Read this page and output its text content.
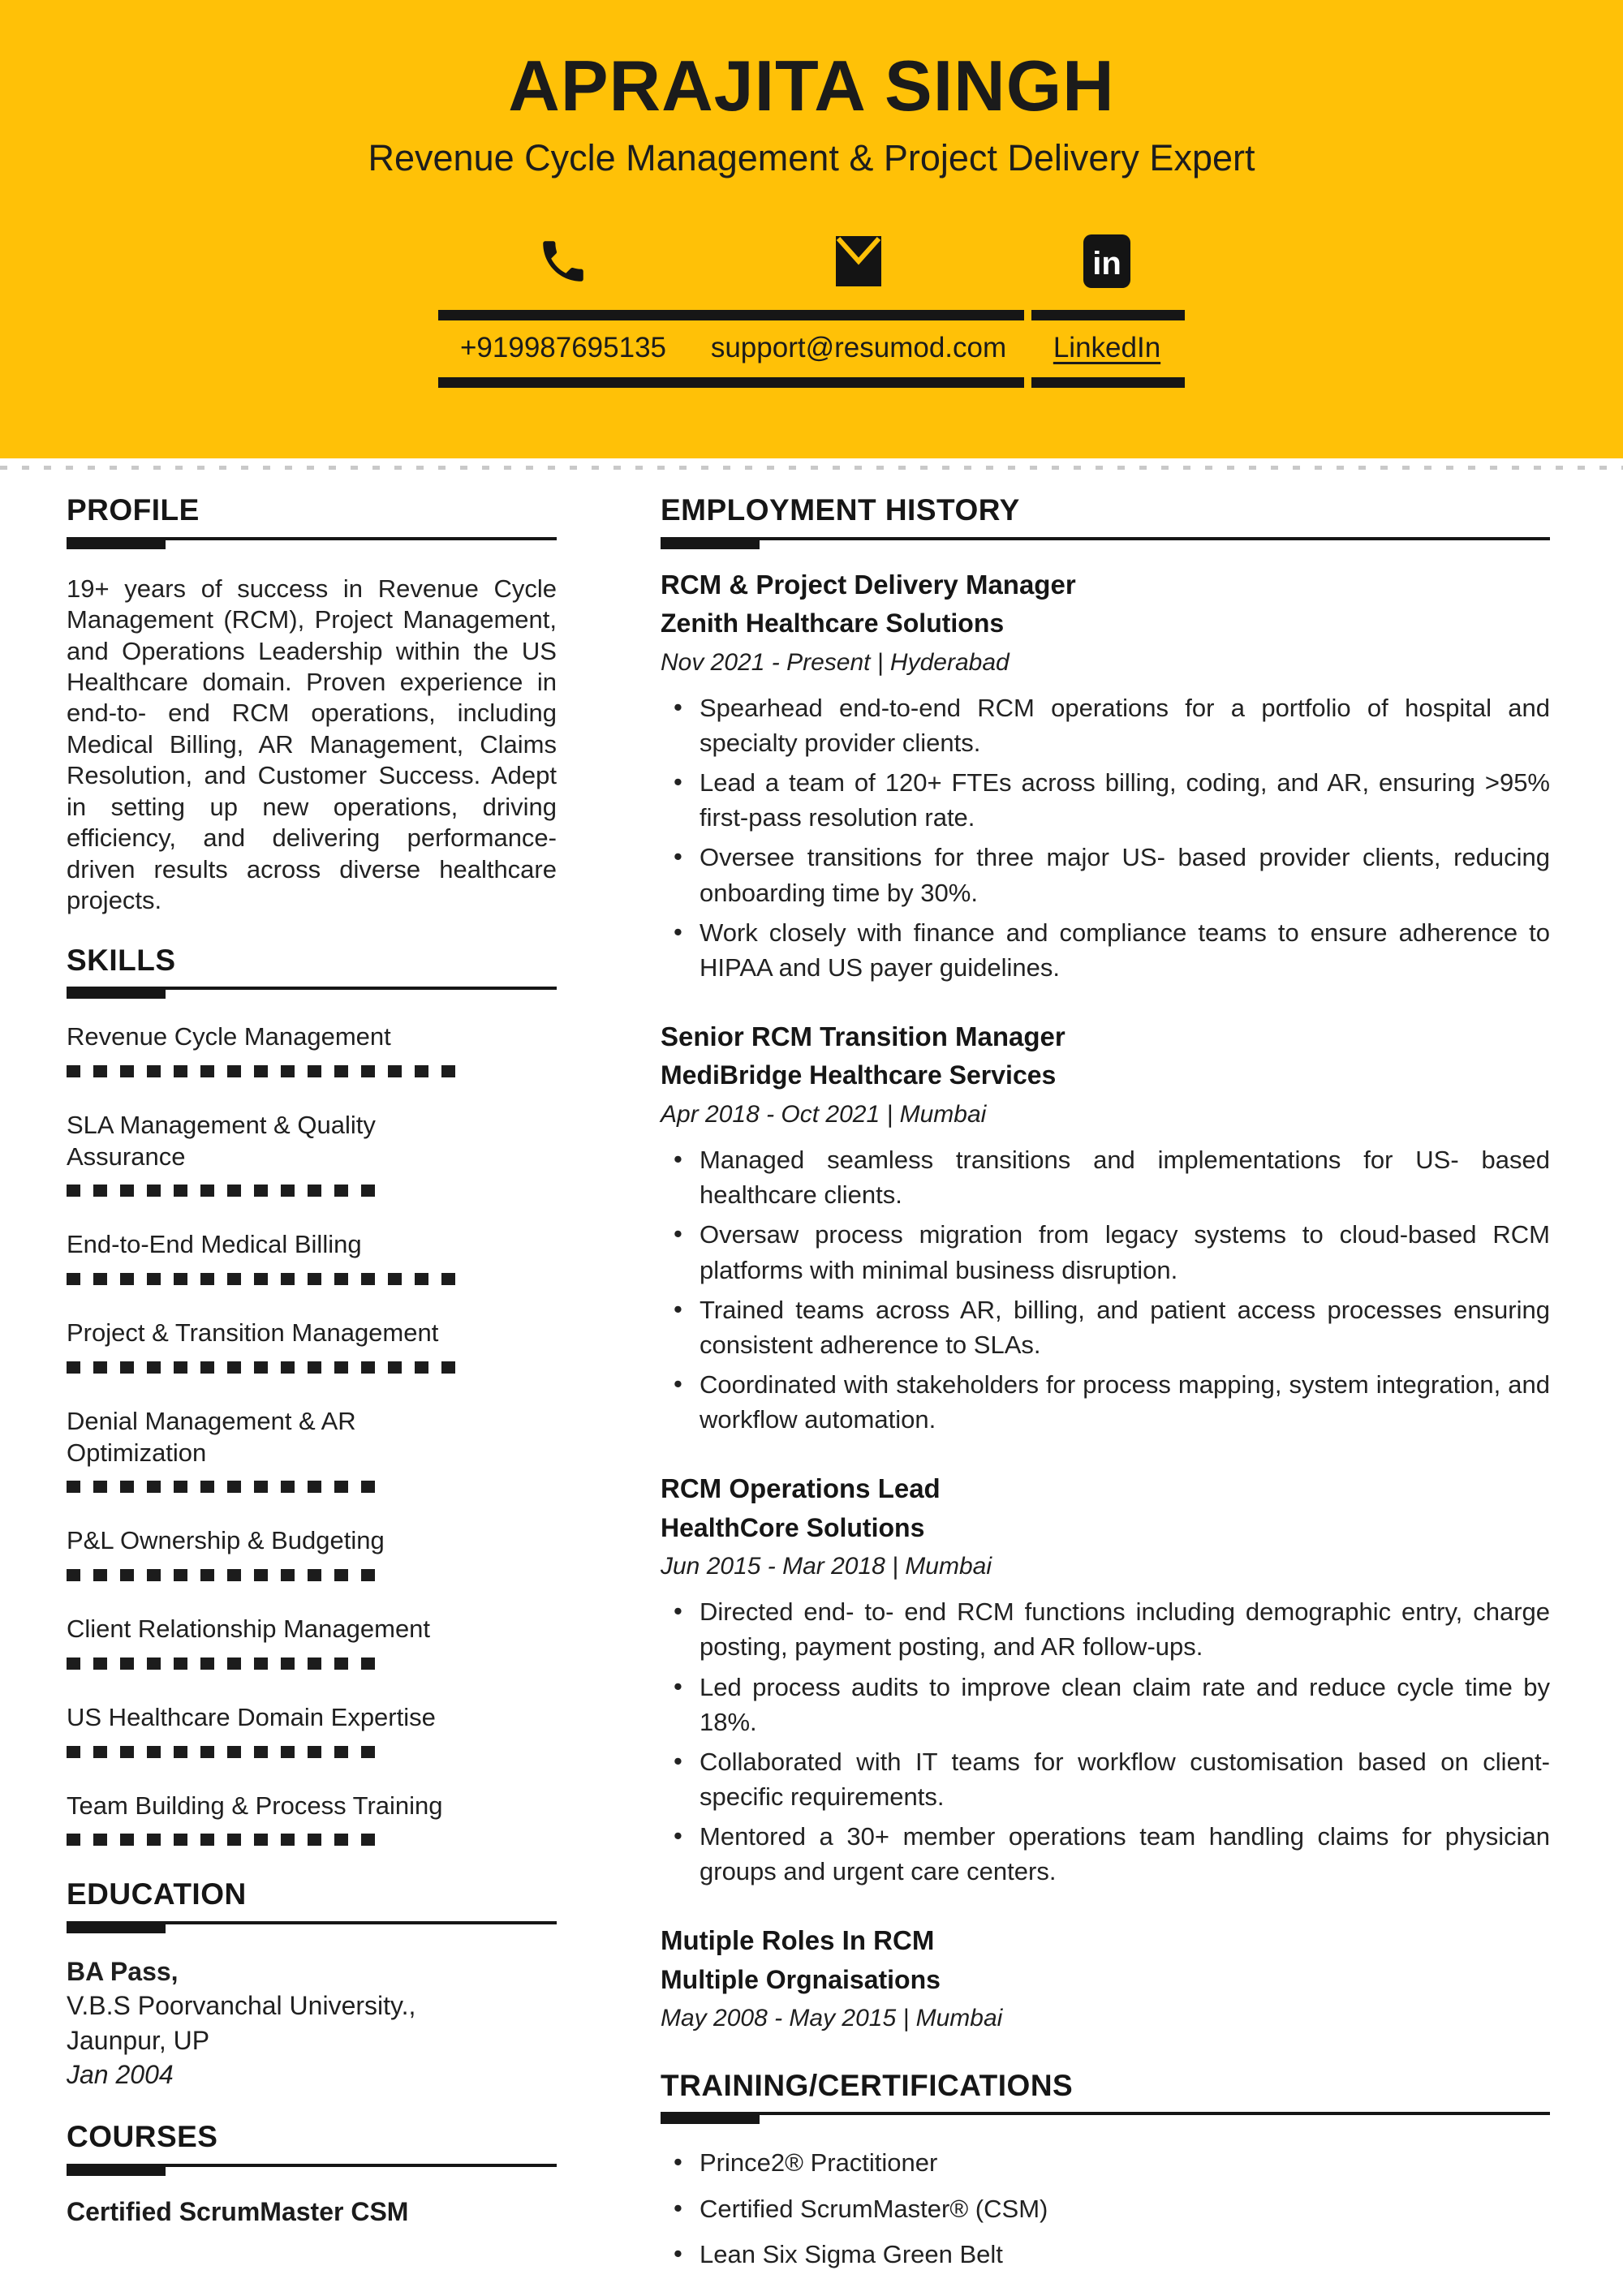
APRAJITA SINGH
Revenue Cycle Management & Project Delivery Expert
in
+919987695135 support@resumod.com LinkedIn
PROFILE

19+ years of success in Revenue Cycle Management (RCM), Project Management, and Operations Leadership within the US Healthcare domain. Proven experience in end-to- end RCM operations, including Medical Billing, AR Management, Claims Resolution, and Customer Success. Adept in setting up new operations, driving efficiency, and delivering performance- driven results across diverse healthcare projects.

SKILLS
Revenue Cycle Management
SLA Management & Quality Assurance
End-to-End Medical Billing
Project & Transition Management
Denial Management & AR Optimization
P&L Ownership & Budgeting
Client Relationship Management
US Healthcare Domain Expertise
Team Building & Process Training
EDUCATION
BA Pass,
V.B.S Poorvanchal University.,
Jaunpur, UP
Jan 2004
COURSES
Certified ScrumMaster CSM
EMPLOYMENT HISTORY
RCM & Project Delivery Manager
Zenith Healthcare Solutions
Nov 2021 - Present | Hyderabad
• Spearhead end-to-end RCM operations for a portfolio of hospital and specialty provider clients.
• Lead a team of 120+ FTEs across billing, coding, and AR, ensuring >95% first-pass resolution rate.
• Oversee transitions for three major US- based provider clients, reducing onboarding time by 30%.
• Work closely with finance and compliance teams to ensure adherence to HIPAA and US payer guidelines.
Senior RCM Transition Manager
MediBridge Healthcare Services
Apr 2018 - Oct 2021 | Mumbai
• Managed seamless transitions and implementations for US- based healthcare clients.
• Oversaw process migration from legacy systems to cloud-based RCM platforms with minimal business disruption.
• Trained teams across AR, billing, and patient access processes ensuring consistent adherence to SLAs.
• Coordinated with stakeholders for process mapping, system integration, and workflow automation.
RCM Operations Lead
HealthCore Solutions
Jun 2015 - Mar 2018 | Mumbai
• Directed end- to- end RCM functions including demographic entry, charge posting, payment posting, and AR follow-ups.
• Led process audits to improve clean claim rate and reduce cycle time by 18%.
• Collaborated with IT teams for workflow customisation based on client-specific requirements.
• Mentored a 30+ member operations team handling claims for physician groups and urgent care centers.
Mutiple Roles In RCM
Multiple Orgnaisations
May 2008 - May 2015 | Mumbai
TRAINING/CERTIFICATIONS
• Prince2® Practitioner
• Certified ScrumMaster® (CSM)
• Lean Six Sigma Green Belt
